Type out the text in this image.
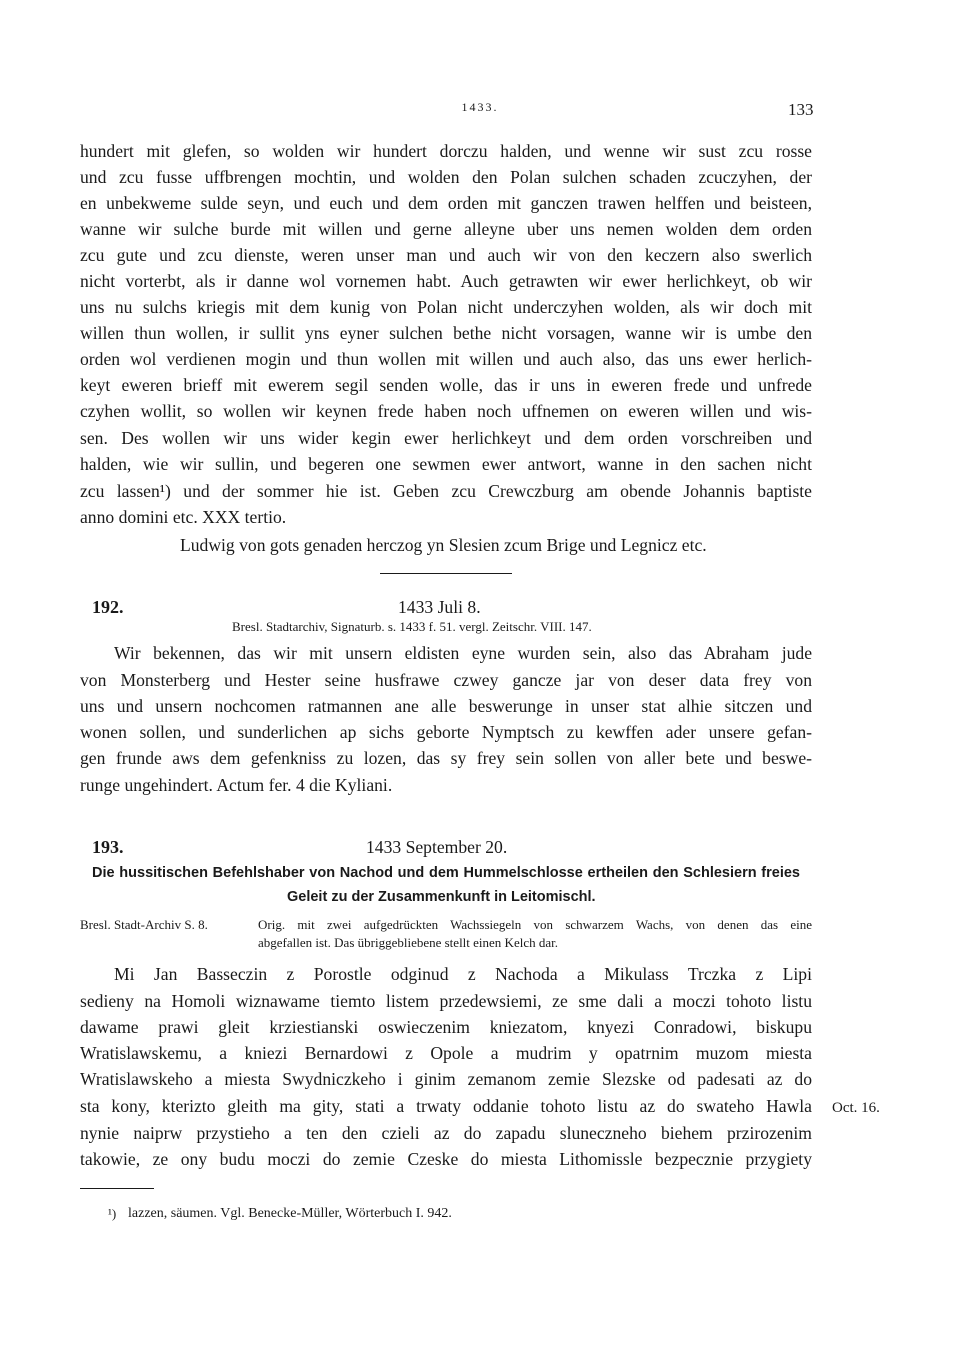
1433.	133
hundert mit glefen, so wolden wir hundert dorczu halden, und wenne wir sust zcu rosse
und zcu fusse uffbrengen mochtin, und wolden den Polan sulchen schaden zcuczyhen, der
en unbekweme sulde seyn, und euch und dem orden mit ganczen trawen helffen und beisteen,
wanne wir sulche burde mit willen und gerne alleyne uber uns nemen wolden dem orden
zcu gute und zcu dienste, weren unser man und auch wir von den keczern also swerlich
nicht vorterbt, als ir danne wol vornemen habt. Auch getrawten wir ewer herlichkeyt, ob wir
uns nu sulchs kriegis mit dem kunig von Polan nicht underczyhen wolden, als wir doch mit
willen thun wollen, ir sullit yns eyner sulchen bethe nicht vorsagen, wanne wir is umbe den
orden wol verdienen mogin und thun wollen mit willen und auch also, das uns ewer herlich-
keyt eweren brieff mit ewerem segil senden wolle, das ir uns in eweren frede und unfrede
czyhen wollit, so wollen wir keynen frede haben noch uffnemen on eweren willen und wis-
sen. Des wollen wir uns wider kegin ewer herlichkeyt und dem orden vorschreiben und
halden, wie wir sullin, und begeren one sewmen ewer antwort, wanne in den sachen nicht
zcu lassen¹) und der sommer hie ist. Geben zcu Crewczburg am obende Johannis baptiste
anno domini etc. XXX tertio.
Ludwig von gots genaden herczog yn Slesien zcum Brige und Legnicz etc.
192.	1433 Juli 8.
Bresl. Stadtarchiv, Signaturb. s. 1433 f. 51. vergl. Zeitschr. VIII. 147.
Wir bekennen, das wir mit unsern eldisten eyne wurden sein, also das Abraham jude
von Monsterberg und Hester seine husfrawe czwey gancze jar von deser data frey von
uns und unsern nochcomen ratmannen ane alle beswerunge in unser stat alhie sitczen und
wonen sollen, und sunderlichen ap sichs geborte Nymptsch zu kewffen ader unsere gefan-
gen frunde aws dem gefenkniss zu lozen, das sy frey sein sollen von aller bete und beswe-
runge ungehindert. Actum fer. 4 die Kyliani.
193.	1433 September 20.
Die hussitischen Befehlshaber von Nachod und dem Hummelschlosse ertheilen den Schlesiern freies
Geleit zu der Zusammenkunft in Leitomischl.
Bresl. Stadt-Archiv S. 8.	Orig. mit zwei aufgedrückten Wachssiegeln von schwarzem Wachs, von denen das eine
abgefallen ist. Das übriggebliebene stellt einen Kelch dar.
Mi Jan Basseczin z Porostle odginud z Nachoda a Mikulass Trczka z Lipi
sedieny na Homoli wiznawame tiemto listem przedewsiemi, ze sme dali a moczi tohoto listu
dawame prawi gleit krziestianski oswieczenim kniezatom, knyezi Conradowi, biskupu
Wratislawskemu, a kniezi Bernardowi z Opole a mudrim y opatrnim muzom miesta
Wratislawskeho a miesta Swydniczkeho i ginim zemanom zemie Slezske od padesati az do
sta kony, kterizto gleith ma gity, stati a trwaty oddanie tohoto listu az do swateho Hawla Oct. 16.
nynie naiprw przystieho a ten den czieli az do zapadu sluneczneho biehem przirozenim
takowie, ze ony budu moczi do zemie Czeske do miesta Lithomissle bezpecznie przygiety
¹) lazzen, säumen. Vgl. Benecke-Müller, Wörterbuch I. 942.
